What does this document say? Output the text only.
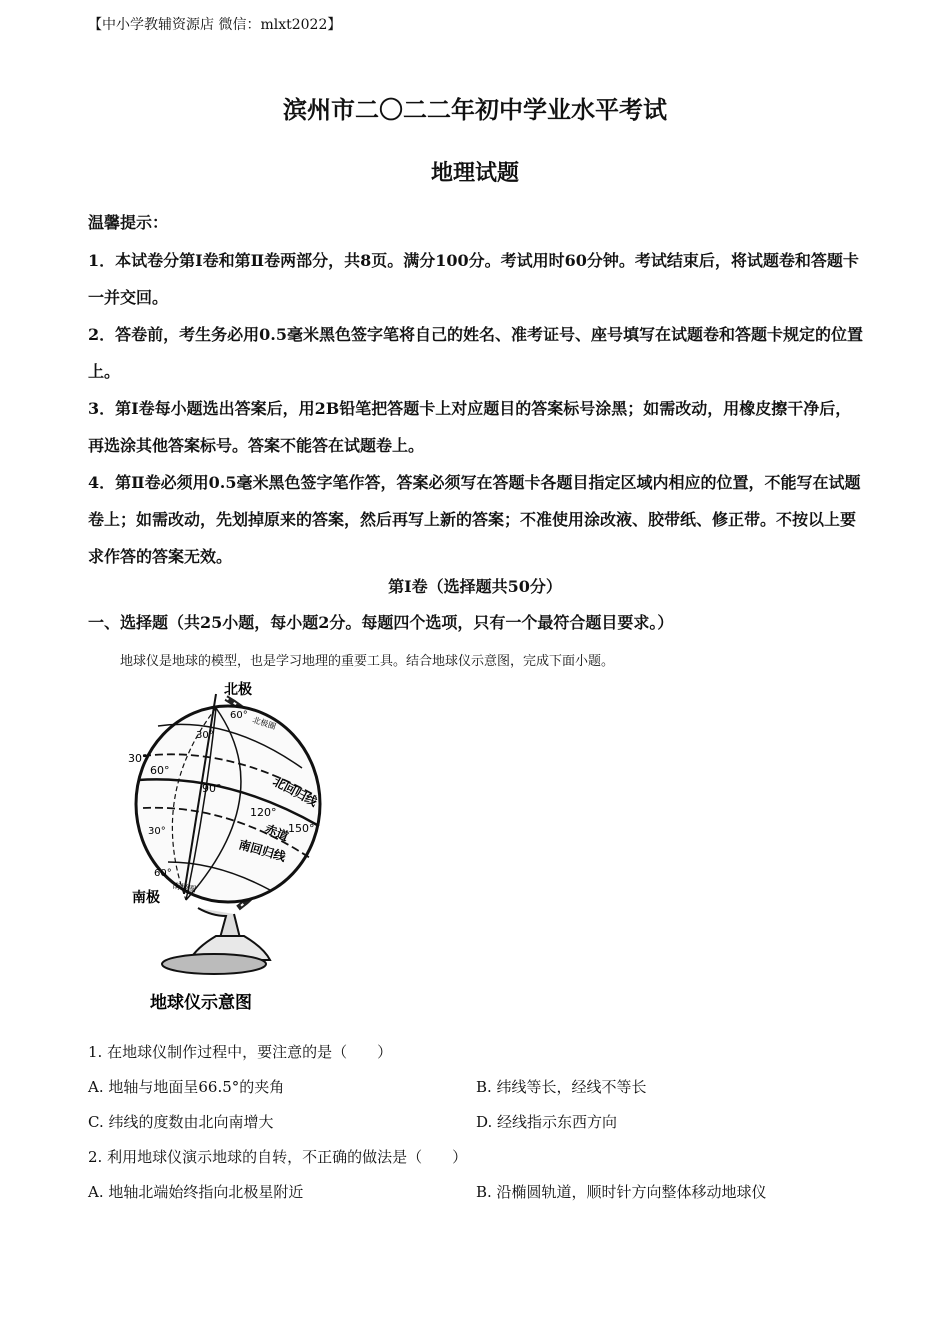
【中小学教辅资源店 微信：mlxt2022】
滨州市二〇二二年初中学业水平考试
地理试题
温馨提示：

1．本试卷分第Ⅰ卷和第Ⅱ卷两部分，共8页。满分100分。考试用时60分钟。考试结束后，将试题卷和答题卡一并交回。

2．答卷前，考生务必用0.5毫米黑色签字笔将自己的姓名、准考证号、座号填写在试题卷和答题卡规定的位置上。

3．第Ⅰ卷每小题选出答案后，用2B铅笔把答题卡上对应题目的答案标号涂黑；如需改动，用橡皮擦干净后，再选涂其他答案标号。答案不能答在试题卷上。

4．第Ⅱ卷必须用0.5毫米黑色签字笔作答，答案必须写在答题卡各题目指定区域内相应的位置，不能写在试题卷上；如需改动，先划掉原来的答案，然后再写上新的答案；不准使用涂改液、胶带纸、修正带。不按以上要求作答的答案无效。

第Ⅰ卷（选择题共50分）
一、选择题（共25小题，每小题2分。每题四个选项，只有一个最符合题目要求。）
地球仪是地球的模型，也是学习地理的重要工具。结合地球仪示意图，完成下面小题。
北极
60° 北极圈
30°
30°
60°
90°
120°
150°
北回归线
赤道
南回归线
30°
60°
南极圈
南极
地球仪示意图
1. 在地球仪制作过程中，要注意的是（　　）
A. 地轴与地面呈66.5°的夹角	B. 纬线等长，经线不等长
C. 纬线的度数由北向南增大	D. 经线指示东西方向
2. 利用地球仪演示地球的自转，不正确的做法是（　　）
A. 地轴北端始终指向北极星附近	B. 沿椭圆轨道，顺时针方向整体移动地球仪
